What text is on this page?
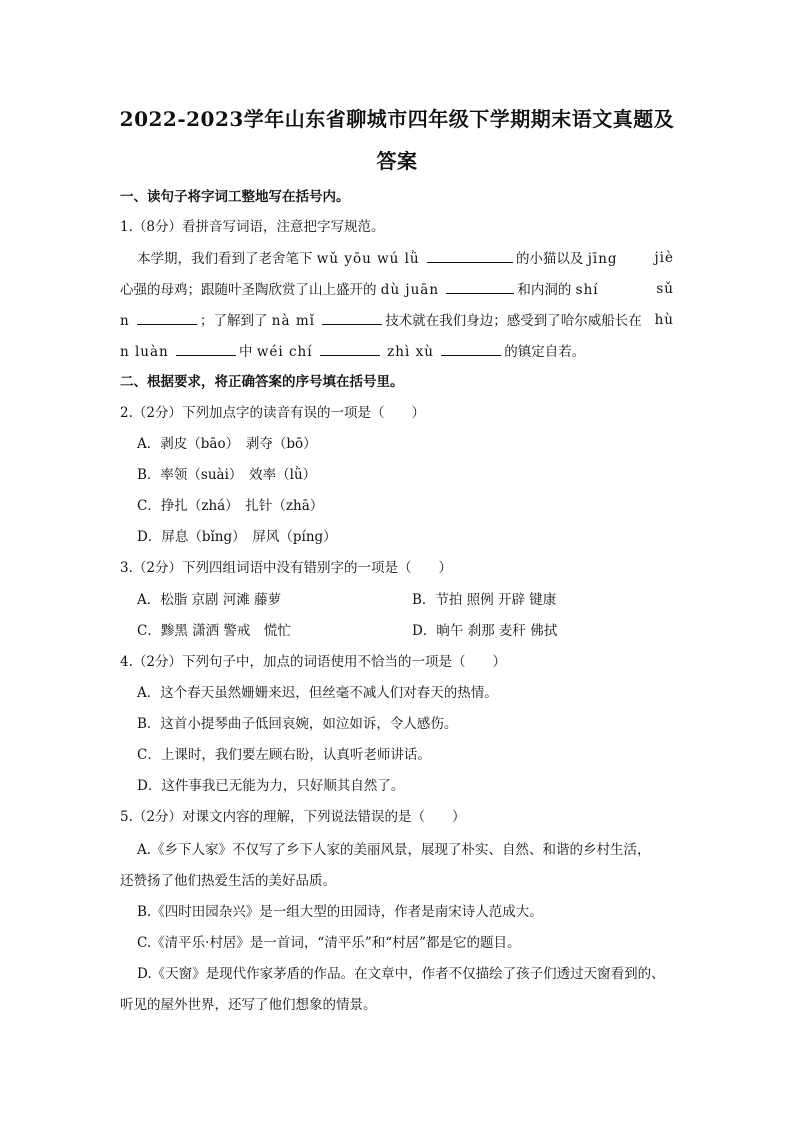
2022-2023学年山东省聊城市四年级下学期期末语文真题及
答案
一、读句子将字词工整地写在括号内。
1.（8分）看拼音写词语，注意把字写规范。
本学期，我们看到了老舍笔下 wǔ yōu wú lǜ	的小猫以及 jīng	jiè
心强的母鸡；跟随叶圣陶欣赏了山上盛开的 dù juān	和内洞的 shí	sǔ
n	；了解到了 nà mǐ	技术就在我们身边；感受到了哈尔威船长在 hù
n luàn	中 wéi chí	zhì xù	的镇定自若。
二、根据要求，将正确答案的序号填在括号里。
2.（2分）下列加点字的读音有误的一项是（　　）
A．剥皮（bāo）　剥夺（bō）
B．率领（suài）　效率（lǜ）
C．挣扎（zhá）　扎针（zhā）
D．屏息（bǐng）　屏风（píng）
3.（2分）下列四组词语中没有错别字的一项是（　　）
A．松脂 京剧 河滩 藤萝	B．节拍 照例 开辟 键康
C．黪黑 潇洒 警戒　慌忙	D．晌午 刹那 麦秆 佛拭
4.（2分）下列句子中，加点的词语使用不恰当的一项是（　　）
A．这个春天虽然姗姗来迟，但丝毫不减人们对春天的热情。
B．这首小提琴曲子低回哀婉，如泣如诉，令人感伤。
C．上课时，我们要左顾右盼，认真听老师讲话。
D．这件事我已无能为力，只好顺其自然了。
5.（2分）对课文内容的理解，下列说法错误的是（　　）
A.《乡下人家》不仅写了乡下人家的美丽风景，展现了朴实、自然、和谐的乡村生活，
还赞扬了他们热爱生活的美好品质。
B.《四时田园杂兴》是一组大型的田园诗，作者是南宋诗人范成大。
C.《清平乐·村居》是一首词，“清平乐”和“村居”都是它的题目。
D.《天窗》是现代作家茅盾的作品。在文章中，作者不仅描绘了孩子们透过天窗看到的、
听见的屋外世界，还写了他们想象的情景。
